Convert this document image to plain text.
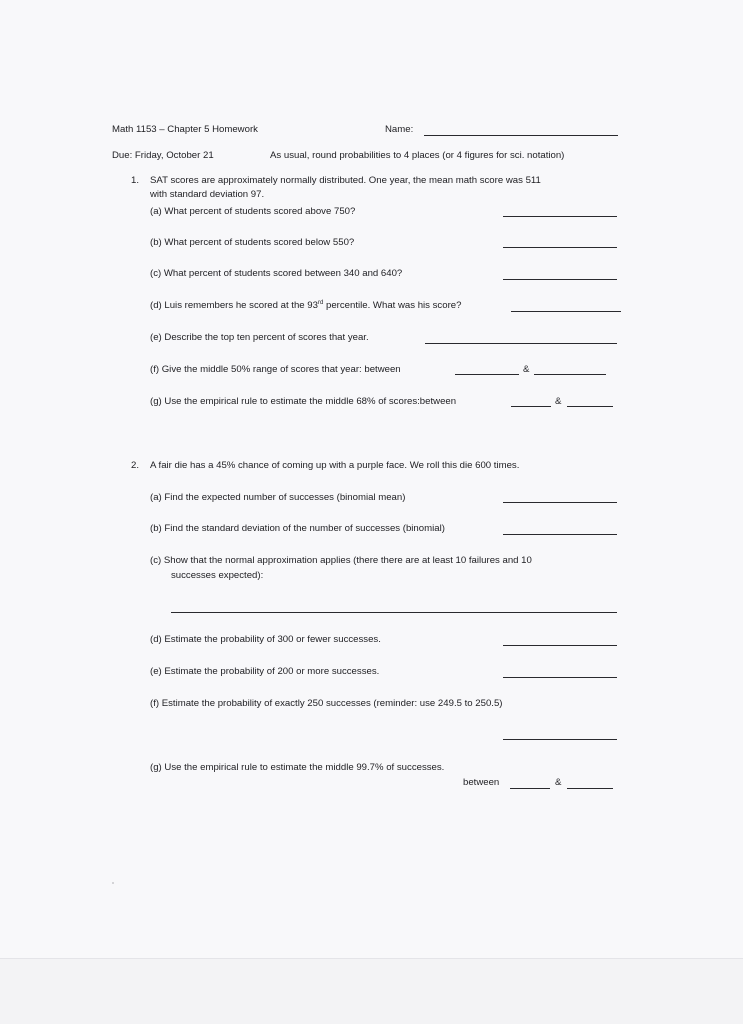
Math 1153 – Chapter 5 Homework	Name:
Due: Friday, October 21	As usual, round probabilities to 4 places (or 4 figures for sci. notation)
1. SAT scores are approximately normally distributed. One year, the mean math score was 511
with standard deviation 97.
(a) What percent of students scored above 750?
(b) What percent of students scored below 550?
(c) What percent of students scored between 340 and 640?
(d) Luis remembers he scored at the 93rd percentile. What was his score?
(e) Describe the top ten percent of scores that year.
(f) Give the middle 50% range of scores that year: between	&
(g) Use the empirical rule to estimate the middle 68% of scores:between	&
2. A fair die has a 45% chance of coming up with a purple face. We roll this die 600 times.
(a) Find the expected number of successes (binomial mean)
(b) Find the standard deviation of the number of successes (binomial)
(c) Show that the normal approximation applies (there there are at least 10 failures and 10
successes expected):
(d) Estimate the probability of 300 or fewer successes.
(e) Estimate the probability of 200 or more successes.
(f) Estimate the probability of exactly 250 successes (reminder: use 249.5 to 250.5)
(g) Use the empirical rule to estimate the middle 99.7% of successes.
between	&
